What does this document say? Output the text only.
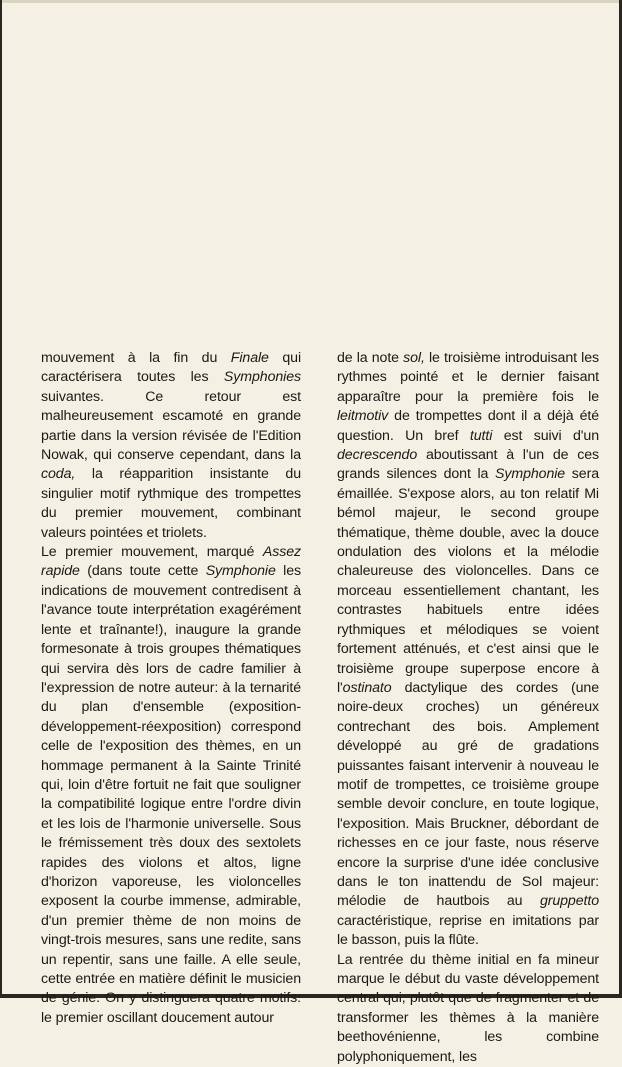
mouvement à la fin du Finale qui caractérisera toutes les Symphonies suivantes. Ce retour est malheureusement escamoté en grande partie dans la version révisée de l'Edition Nowak, qui conserve cependant, dans la coda, la réapparition insistante du singulier motif rythmique des trompettes du premier mouvement, combinant valeurs pointées et triolets.

Le premier mouvement, marqué Assez rapide (dans toute cette Symphonie les indications de mouvement contredisent à l'avance toute interprétation exagérément lente et traînante!), inaugure la grande formesonate à trois groupes thématiques qui servira dès lors de cadre familier à l'expression de notre auteur: à la ternarité du plan d'ensemble (exposition-développement-réexposition) correspond celle de l'exposition des thèmes, en un hommage permanent à la Sainte Trinité qui, loin d'être fortuit ne fait que souligner la compatibilité logique entre l'ordre divin et les lois de l'harmonie universelle. Sous le frémissement très doux des sextolets rapides des violons et altos, ligne d'horizon vaporeuse, les violoncelles exposent la courbe immense, admirable, d'un premier thème de non moins de vingt-trois mesures, sans une redite, sans un repentir, sans une faille. A elle seule, cette entrée en matière définit le musicien de génie. On y distinguera quatre motifs: le premier oscillant doucement autour

de la note sol, le troisième introduisant les rythmes pointé et le dernier faisant apparaître pour la première fois le leitmotiv de trompettes dont il a déjà été question. Un bref tutti est suivi d'un decrescendo aboutissant à l'un de ces grands silences dont la Symphonie sera émaillée. S'expose alors, au ton relatif Mi bémol majeur, le second groupe thématique, thème double, avec la douce ondulation des violons et la mélodie chaleureuse des violoncelles. Dans ce morceau essentiellement chantant, les contrastes habituels entre idées rythmiques et mélodiques se voient fortement atténués, et c'est ainsi que le troisième groupe superpose encore à l'ostinato dactylique des cordes (une noire-deux croches) un généreux contrechant des bois. Amplement développé au gré de gradations puissantes faisant intervenir à nouveau le motif de trompettes, ce troisième groupe semble devoir conclure, en toute logique, l'exposition. Mais Bruckner, débordant de richesses en ce jour faste, nous réserve encore la surprise d'une idée conclusive dans le ton inattendu de Sol majeur: mélodie de hautbois au gruppetto caractéristique, reprise en imitations par le basson, puis la flûte.

La rentrée du thème initial en fa mineur marque le début du vaste développement central qui, plutôt que de fragmenter et de transformer les thèmes à la manière beethovénienne, les combine polyphoniquement, les
